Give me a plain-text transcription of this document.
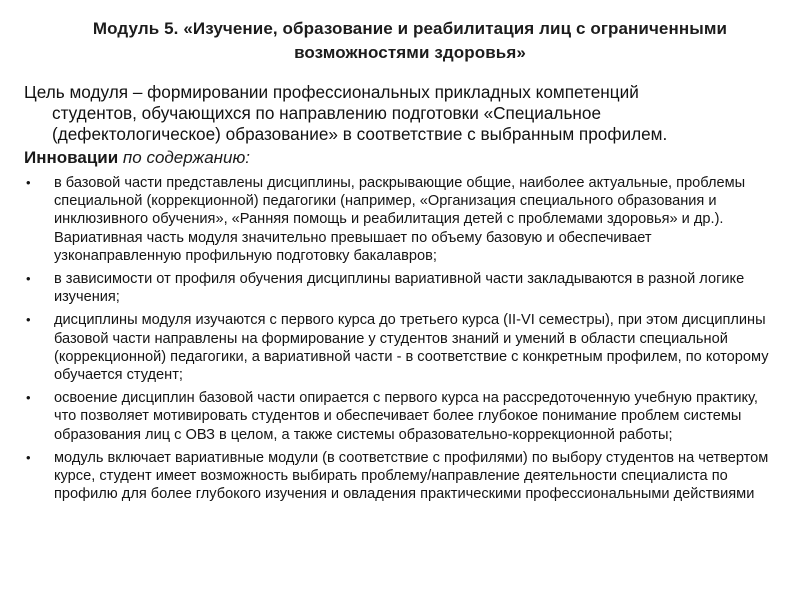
Модуль 5. «Изучение, образование и реабилитация лиц с ограниченными
возможностями здоровья»
Цель модуля – формировании профессиональных прикладных компетенций
студентов, обучающихся по направлению подготовки «Специальное (дефектологическое) образование» в соответствие с выбранным профилем.
Инновации по содержанию:
• в базовой части представлены дисциплины, раскрывающие общие, наиболее актуальные, проблемы специальной (коррекционной) педагогики (например, «Организация специального образования и инклюзивного обучения», «Ранняя помощь и реабилитация детей с проблемами здоровья» и др.). Вариативная часть модуля значительно превышает по объему базовую и обеспечивает узконаправленную профильную подготовку бакалавров;
• в зависимости от профиля обучения дисциплины вариативной части закладываются в разной логике изучения;
• дисциплины модуля изучаются с первого курса до третьего курса (II-VI семестры), при этом дисциплины базовой части направлены на формирование у студентов знаний и умений в области специальной (коррекционной) педагогики, а вариативной части - в соответствие с конкретным профилем, по которому обучается студент;
• освоение дисциплин базовой части опирается с первого курса на рассредоточенную учебную практику, что позволяет мотивировать студентов и обеспечивает более глубокое понимание проблем системы образования лиц с ОВЗ в целом, а также системы образовательно-коррекционной работы;
• модуль включает вариативные модули (в соответствие с профилями) по выбору студентов на четвертом курсе, студент имеет возможность выбирать проблему/направление деятельности специалиста по профилю для более глубокого изучения и овладения практическими профессиональными действиями
